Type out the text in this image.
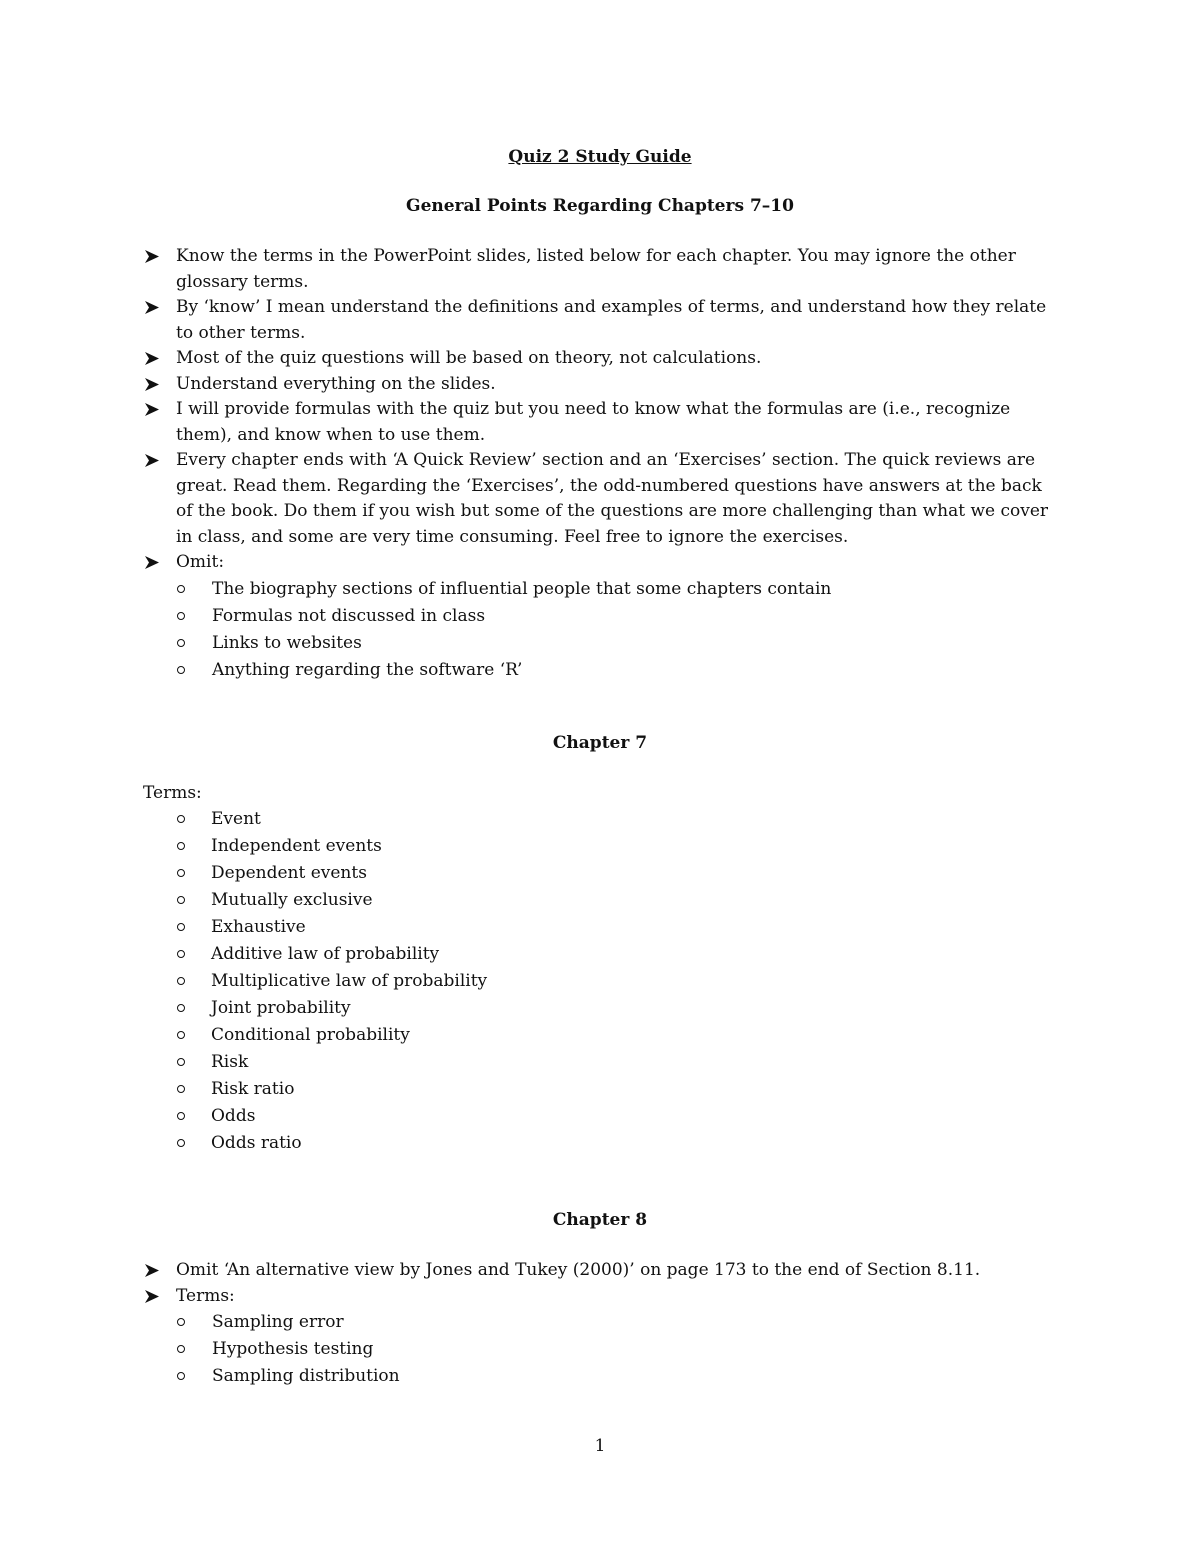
Quiz 2 Study Guide
General Points Regarding Chapters 7–10
Know the terms in the PowerPoint slides, listed below for each chapter. You may ignore the other glossary terms.
By ‘know’ I mean understand the definitions and examples of terms, and understand how they relate to other terms.
Most of the quiz questions will be based on theory, not calculations.
Understand everything on the slides.
I will provide formulas with the quiz but you need to know what the formulas are (i.e., recognize them), and know when to use them.
Every chapter ends with ‘A Quick Review’ section and an ‘Exercises’ section. The quick reviews are great. Read them. Regarding the ‘Exercises’, the odd-numbered questions have answers at the back of the book. Do them if you wish but some of the questions are more challenging than what we cover in class, and some are very time consuming. Feel free to ignore the exercises.
Omit:
The biography sections of influential people that some chapters contain
Formulas not discussed in class
Links to websites
Anything regarding the software ‘R’
Chapter 7
Terms:
Event
Independent events
Dependent events
Mutually exclusive
Exhaustive
Additive law of probability
Multiplicative law of probability
Joint probability
Conditional probability
Risk
Risk ratio
Odds
Odds ratio
Chapter 8
Omit ‘An alternative view by Jones and Tukey (2000)’ on page 173 to the end of Section 8.11.
Terms:
Sampling error
Hypothesis testing
Sampling distribution
1
